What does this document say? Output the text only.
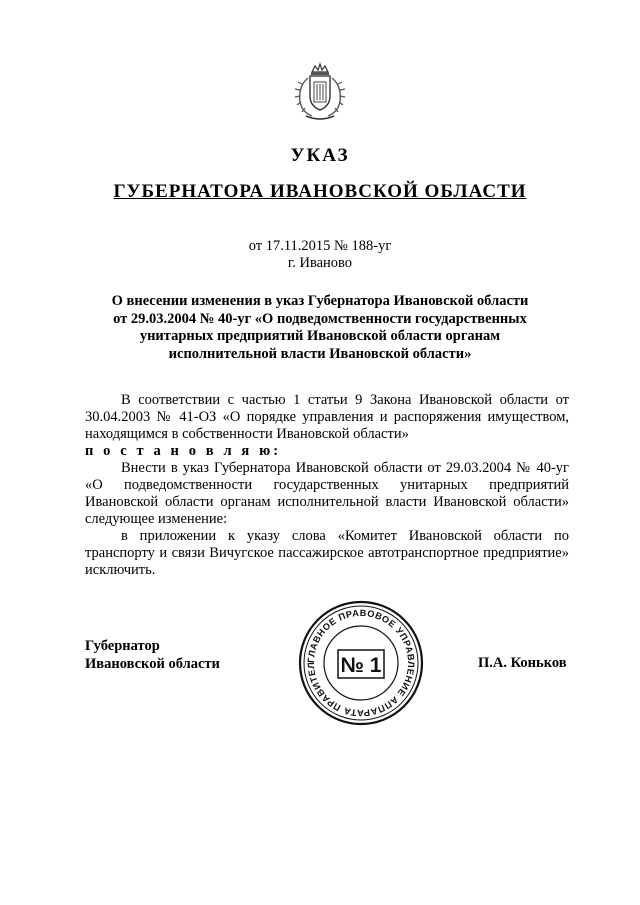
УКАЗ
ГУБЕРНАТОРА ИВАНОВСКОЙ ОБЛАСТИ
от 17.11.2015 № 188-уг
г. Иваново
О внесении изменения в указ Губернатора Ивановской области
от 29.03.2004 № 40-уг «О подведомственности государственных
унитарных предприятий Ивановской области органам
исполнительной власти Ивановской области»

В соответствии с частью 1 статьи 9 Закона Ивановской области от 30.04.2003 № 41-ОЗ «О порядке управления и распоряжения имуществом, находящимся в собственности Ивановской области»

п о с т а н о в л я ю:

Внести в указ Губернатора Ивановской области от 29.03.2004 № 40-уг «О подведомственности государственных унитарных предприятий Ивановской области органам исполнительной власти Ивановской области» следующее изменение:

в приложении к указу слова «Комитет Ивановской области по транспорту и связи Вичугское пассажирское автотранспортное предприятие» исключить.

Губернатор
Ивановской области	ГЛАВНОЕ ПРАВОВОЕ УПРАВЛЕНИЕ АППАРАТА ПРАВИТЕЛ	№ 1	П.А. Коньков
